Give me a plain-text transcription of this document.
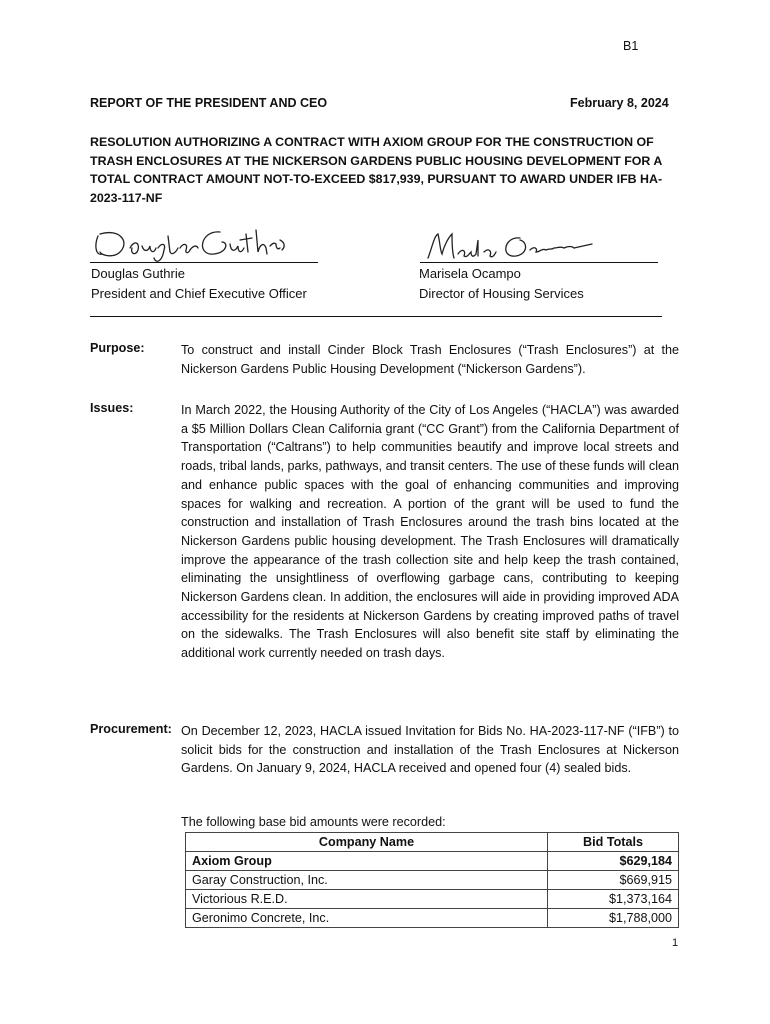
B1
REPORT OF THE PRESIDENT AND CEO	February 8, 2024
RESOLUTION AUTHORIZING A CONTRACT WITH AXIOM GROUP FOR THE CONSTRUCTION OF TRASH ENCLOSURES AT THE NICKERSON GARDENS PUBLIC HOUSING DEVELOPMENT FOR A TOTAL CONTRACT AMOUNT NOT-TO-EXCEED $817,939, PURSUANT TO AWARD UNDER IFB HA-2023-117-NF
Douglas Guthrie
President and Chief Executive Officer
Marisela Ocampo
Director of Housing Services
Purpose:	To construct and install Cinder Block Trash Enclosures (“Trash Enclosures”) at the Nickerson Gardens Public Housing Development (“Nickerson Gardens”).
Issues:	In March 2022, the Housing Authority of the City of Los Angeles (“HACLA”) was awarded a $5 Million Dollars Clean California grant (“CC Grant”) from the California Department of Transportation (“Caltrans”) to help communities beautify and improve local streets and roads, tribal lands, parks, pathways, and transit centers. The use of these funds will clean and enhance public spaces with the goal of enhancing communities and improving spaces for walking and recreation. A portion of the grant will be used to fund the construction and installation of Trash Enclosures around the trash bins located at the Nickerson Gardens public housing development. The Trash Enclosures will dramatically improve the appearance of the trash collection site and help keep the trash contained, eliminating the unsightliness of overflowing garbage cans, contributing to keeping Nickerson Gardens clean. In addition, the enclosures will aide in providing improved ADA accessibility for the residents at Nickerson Gardens by creating improved paths of travel on the sidewalks. The Trash Enclosures will also benefit site staff by eliminating the additional work currently needed on trash days.
Procurement: On December 12, 2023, HACLA issued Invitation for Bids No. HA-2023-117-NF (“IFB”) to solicit bids for the construction and installation of the Trash Enclosures at Nickerson Gardens. On January 9, 2024, HACLA received and opened four (4) sealed bids.
The following base bid amounts were recorded:
Company Name	Bid Totals
Axiom Group	$629,184
Garay Construction, Inc.	$669,915
Victorious R.E.D.	$1,373,164
Geronimo Concrete, Inc.	$1,788,000
1
